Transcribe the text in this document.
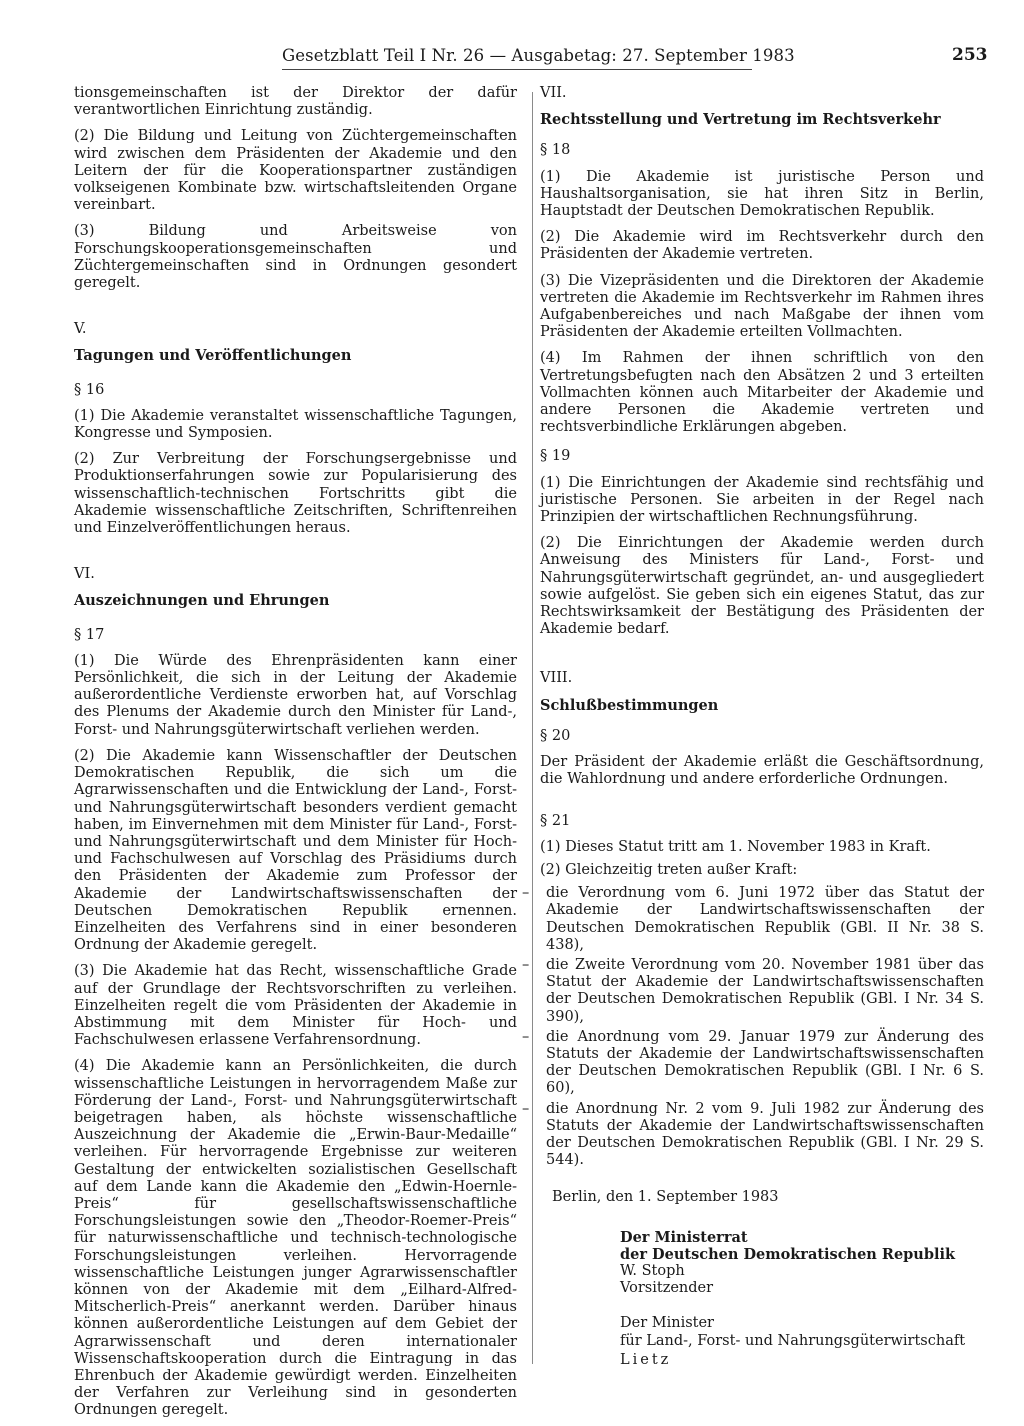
Gesetzblatt Teil I Nr. 26 — Ausgabetag: 27. September 1983	253

tionsgemeinschaften ist der Direktor der dafür verantwortlichen Einrichtung zuständig.

(2) Die Bildung und Leitung von Züchtergemeinschaften wird zwischen dem Präsidenten der Akademie und den Leitern der für die Kooperationspartner zuständigen volkseigenen Kombinate bzw. wirtschaftsleitenden Organe vereinbart.

(3) Bildung und Arbeitsweise von Forschungskooperationsgemeinschaften und Züchtergemeinschaften sind in Ordnungen gesondert geregelt.

V.

Tagungen und Veröffentlichungen

§ 16

(1) Die Akademie veranstaltet wissenschaftliche Tagungen, Kongresse und Symposien.

(2) Zur Verbreitung der Forschungsergebnisse und Produktionserfahrungen sowie zur Popularisierung des wissenschaftlich-technischen Fortschritts gibt die Akademie wissenschaftliche Zeitschriften, Schriftenreihen und Einzelveröffentlichungen heraus.

VI.

Auszeichnungen und Ehrungen

§ 17

(1) Die Würde des Ehrenpräsidenten kann einer Persönlichkeit, die sich in der Leitung der Akademie außerordentliche Verdienste erworben hat, auf Vorschlag des Plenums der Akademie durch den Minister für Land-, Forst- und Nahrungsgüterwirtschaft verliehen werden.

(2) Die Akademie kann Wissenschaftler der Deutschen Demokratischen Republik, die sich um die Agrarwissenschaften und die Entwicklung der Land-, Forst- und Nahrungsgüterwirtschaft besonders verdient gemacht haben, im Einvernehmen mit dem Minister für Land-, Forst- und Nahrungsgüterwirtschaft und dem Minister für Hoch- und Fachschulwesen auf Vorschlag des Präsidiums durch den Präsidenten der Akademie zum Professor der Akademie der Landwirtschaftswissenschaften der Deutschen Demokratischen Republik ernennen. Einzelheiten des Verfahrens sind in einer besonderen Ordnung der Akademie geregelt.

(3) Die Akademie hat das Recht, wissenschaftliche Grade auf der Grundlage der Rechtsvorschriften zu verleihen. Einzelheiten regelt die vom Präsidenten der Akademie in Abstimmung mit dem Minister für Hoch- und Fachschulwesen erlassene Verfahrensordnung.

(4) Die Akademie kann an Persönlichkeiten, die durch wissenschaftliche Leistungen in hervorragendem Maße zur Förderung der Land-, Forst- und Nahrungsgüterwirtschaft beigetragen haben, als höchste wissenschaftliche Auszeichnung der Akademie die „Erwin-Baur-Medaille“ verleihen. Für hervorragende Ergebnisse zur weiteren Gestaltung der entwickelten sozialistischen Gesellschaft auf dem Lande kann die Akademie den „Edwin-Hoernle-Preis“ für gesellschaftswissenschaftliche Forschungsleistungen sowie den „Theodor-Roemer-Preis“ für naturwissenschaftliche und technisch-technologische Forschungsleistungen verleihen. Hervorragende wissenschaftliche Leistungen junger Agrarwissenschaftler können von der Akademie mit dem „Eilhard-Alfred-Mitscherlich-Preis“ anerkannt werden. Darüber hinaus können außerordentliche Leistungen auf dem Gebiet der Agrarwissenschaft und deren internationaler Wissenschaftskooperation durch die Eintragung in das Ehrenbuch der Akademie gewürdigt werden. Einzelheiten der Verfahren zur Verleihung sind in gesonderten Ordnungen geregelt.

VII.

Rechtsstellung und Vertretung im Rechtsverkehr

§ 18

(1) Die Akademie ist juristische Person und Haushaltsorganisation, sie hat ihren Sitz in Berlin, Hauptstadt der Deutschen Demokratischen Republik.

(2) Die Akademie wird im Rechtsverkehr durch den Präsidenten der Akademie vertreten.

(3) Die Vizepräsidenten und die Direktoren der Akademie vertreten die Akademie im Rechtsverkehr im Rahmen ihres Aufgabenbereiches und nach Maßgabe der ihnen vom Präsidenten der Akademie erteilten Vollmachten.

(4) Im Rahmen der ihnen schriftlich von den Vertretungsbefugten nach den Absätzen 2 und 3 erteilten Vollmachten können auch Mitarbeiter der Akademie und andere Personen die Akademie vertreten und rechtsverbindliche Erklärungen abgeben.

§ 19

(1) Die Einrichtungen der Akademie sind rechtsfähig und juristische Personen. Sie arbeiten in der Regel nach Prinzipien der wirtschaftlichen Rechnungsführung.

(2) Die Einrichtungen der Akademie werden durch Anweisung des Ministers für Land-, Forst- und Nahrungsgüterwirtschaft gegründet, an- und ausgegliedert sowie aufgelöst. Sie geben sich ein eigenes Statut, das zur Rechtswirksamkeit der Bestätigung des Präsidenten der Akademie bedarf.

VIII.

Schlußbestimmungen

§ 20

Der Präsident der Akademie erläßt die Geschäftsordnung, die Wahlordnung und andere erforderliche Ordnungen.

§ 21

(1) Dieses Statut tritt am 1. November 1983 in Kraft.

(2) Gleichzeitig treten außer Kraft:

– die Verordnung vom 6. Juni 1972 über das Statut der Akademie der Landwirtschaftswissenschaften der Deutschen Demokratischen Republik (GBl. II Nr. 38 S. 438),
– die Zweite Verordnung vom 20. November 1981 über das Statut der Akademie der Landwirtschaftswissenschaften der Deutschen Demokratischen Republik (GBl. I Nr. 34 S. 390),
– die Anordnung vom 29. Januar 1979 zur Änderung des Statuts der Akademie der Landwirtschaftswissenschaften der Deutschen Demokratischen Republik (GBl. I Nr. 6 S. 60),
– die Anordnung Nr. 2 vom 9. Juli 1982 zur Änderung des Statuts der Akademie der Landwirtschaftswissenschaften der Deutschen Demokratischen Republik (GBl. I Nr. 29 S. 544).

Berlin, den 1. September 1983

Der Ministerrat

der Deutschen Demokratischen Republik

W. Stoph

Vorsitzender

Der Minister

für Land-, Forst- und Nahrungsgüterwirtschaft

Lietz
